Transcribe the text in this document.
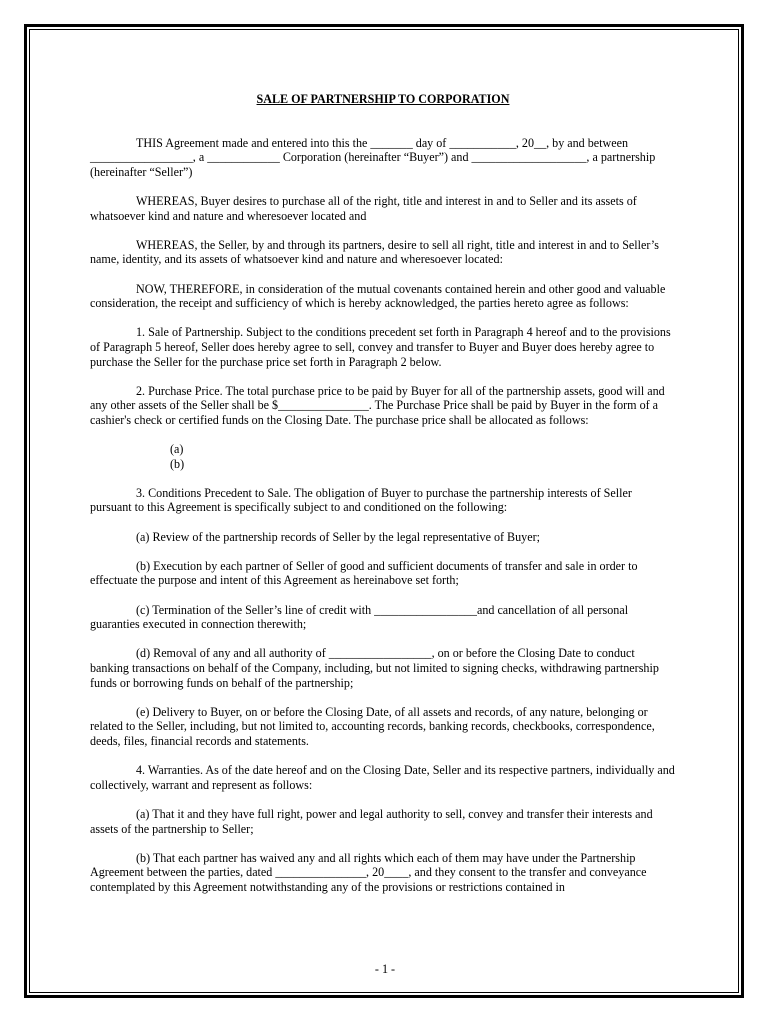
SALE OF PARTNERSHIP TO CORPORATION

THIS Agreement made and entered into this the _______ day of ___________, 20__, by and between _________________, a ____________ Corporation (hereinafter “Buyer”) and ___________________, a partnership (hereinafter “Seller”)

WHEREAS, Buyer desires to purchase all of the right, title and interest in and to Seller and its assets of whatsoever kind and nature and wheresoever located and

WHEREAS, the Seller, by and through its partners, desire to sell all right, title and interest in and to Seller’s name, identity, and its assets of whatsoever kind and nature and wheresoever located:

NOW, THEREFORE, in consideration of the mutual covenants contained herein and other good and valuable consideration, the receipt and sufficiency of which is hereby acknowledged, the parties hereto agree as follows:

1. Sale of Partnership. Subject to the conditions precedent set forth in Paragraph 4 hereof and to the provisions of Paragraph 5 hereof, Seller does hereby agree to sell, convey and transfer to Buyer and Buyer does hereby agree to purchase the Seller for the purchase price set forth in Paragraph 2 below.

2. Purchase Price. The total purchase price to be paid by Buyer for all of the partnership assets, good will and any other assets of the Seller shall be $_______________. The Purchase Price shall be paid by Buyer in the form of a cashier's check or certified funds on the Closing Date. The purchase price shall be allocated as follows:

(a)

(b)

3. Conditions Precedent to Sale. The obligation of Buyer to purchase the partnership interests of Seller pursuant to this Agreement is specifically subject to and conditioned on the following:

(a) Review of the partnership records of Seller by the legal representative of Buyer;

(b) Execution by each partner of Seller of good and sufficient documents of transfer and sale in order to effectuate the purpose and intent of this Agreement as hereinabove set forth;

(c) Termination of the Seller’s line of credit with _________________and cancellation of all personal guaranties executed in connection therewith;

(d) Removal of any and all authority of _________________, on or before the Closing Date to conduct banking transactions on behalf of the Company, including, but not limited to signing checks, withdrawing partnership funds or borrowing funds on behalf of the partnership;

(e) Delivery to Buyer, on or before the Closing Date, of all assets and records, of any nature, belonging or related to the Seller, including, but not limited to, accounting records, banking records, checkbooks, correspondence, deeds, files, financial records and statements.

4. Warranties. As of the date hereof and on the Closing Date, Seller and its respective partners, individually and collectively, warrant and represent as follows:

(a) That it and they have full right, power and legal authority to sell, convey and transfer their interests and assets of the partnership to Seller;

(b) That each partner has waived any and all rights which each of them may have under the Partnership Agreement between the parties, dated _______________, 20____, and they consent to the transfer and conveyance contemplated by this Agreement notwithstanding any of the provisions or restrictions contained in

- 1 -
